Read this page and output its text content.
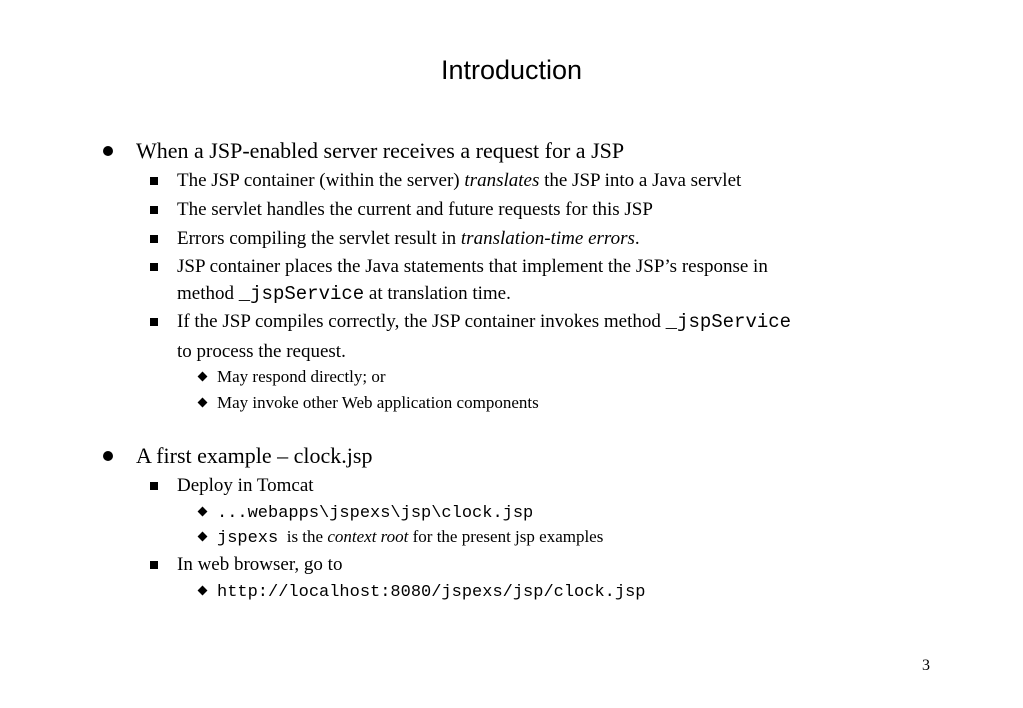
Introduction
When a JSP-enabled server receives a request for a JSP
The JSP container (within the server) translates the JSP into a Java servlet
The servlet handles the current and future requests for this JSP
Errors compiling the servlet result in translation-time errors.
JSP container places the Java statements that implement the JSP’s response in
method _jspService at translation time.
If the JSP compiles correctly, the JSP container invokes method _jspService
to process the request.
May respond directly; or
May invoke other Web application components
A first example – clock.jsp
Deploy in Tomcat
...webapps\jspexs\jsp\clock.jsp
jspexs  is the context root for the present jsp examples
In web browser, go to
http://localhost:8080/jspexs/jsp/clock.jsp
3
